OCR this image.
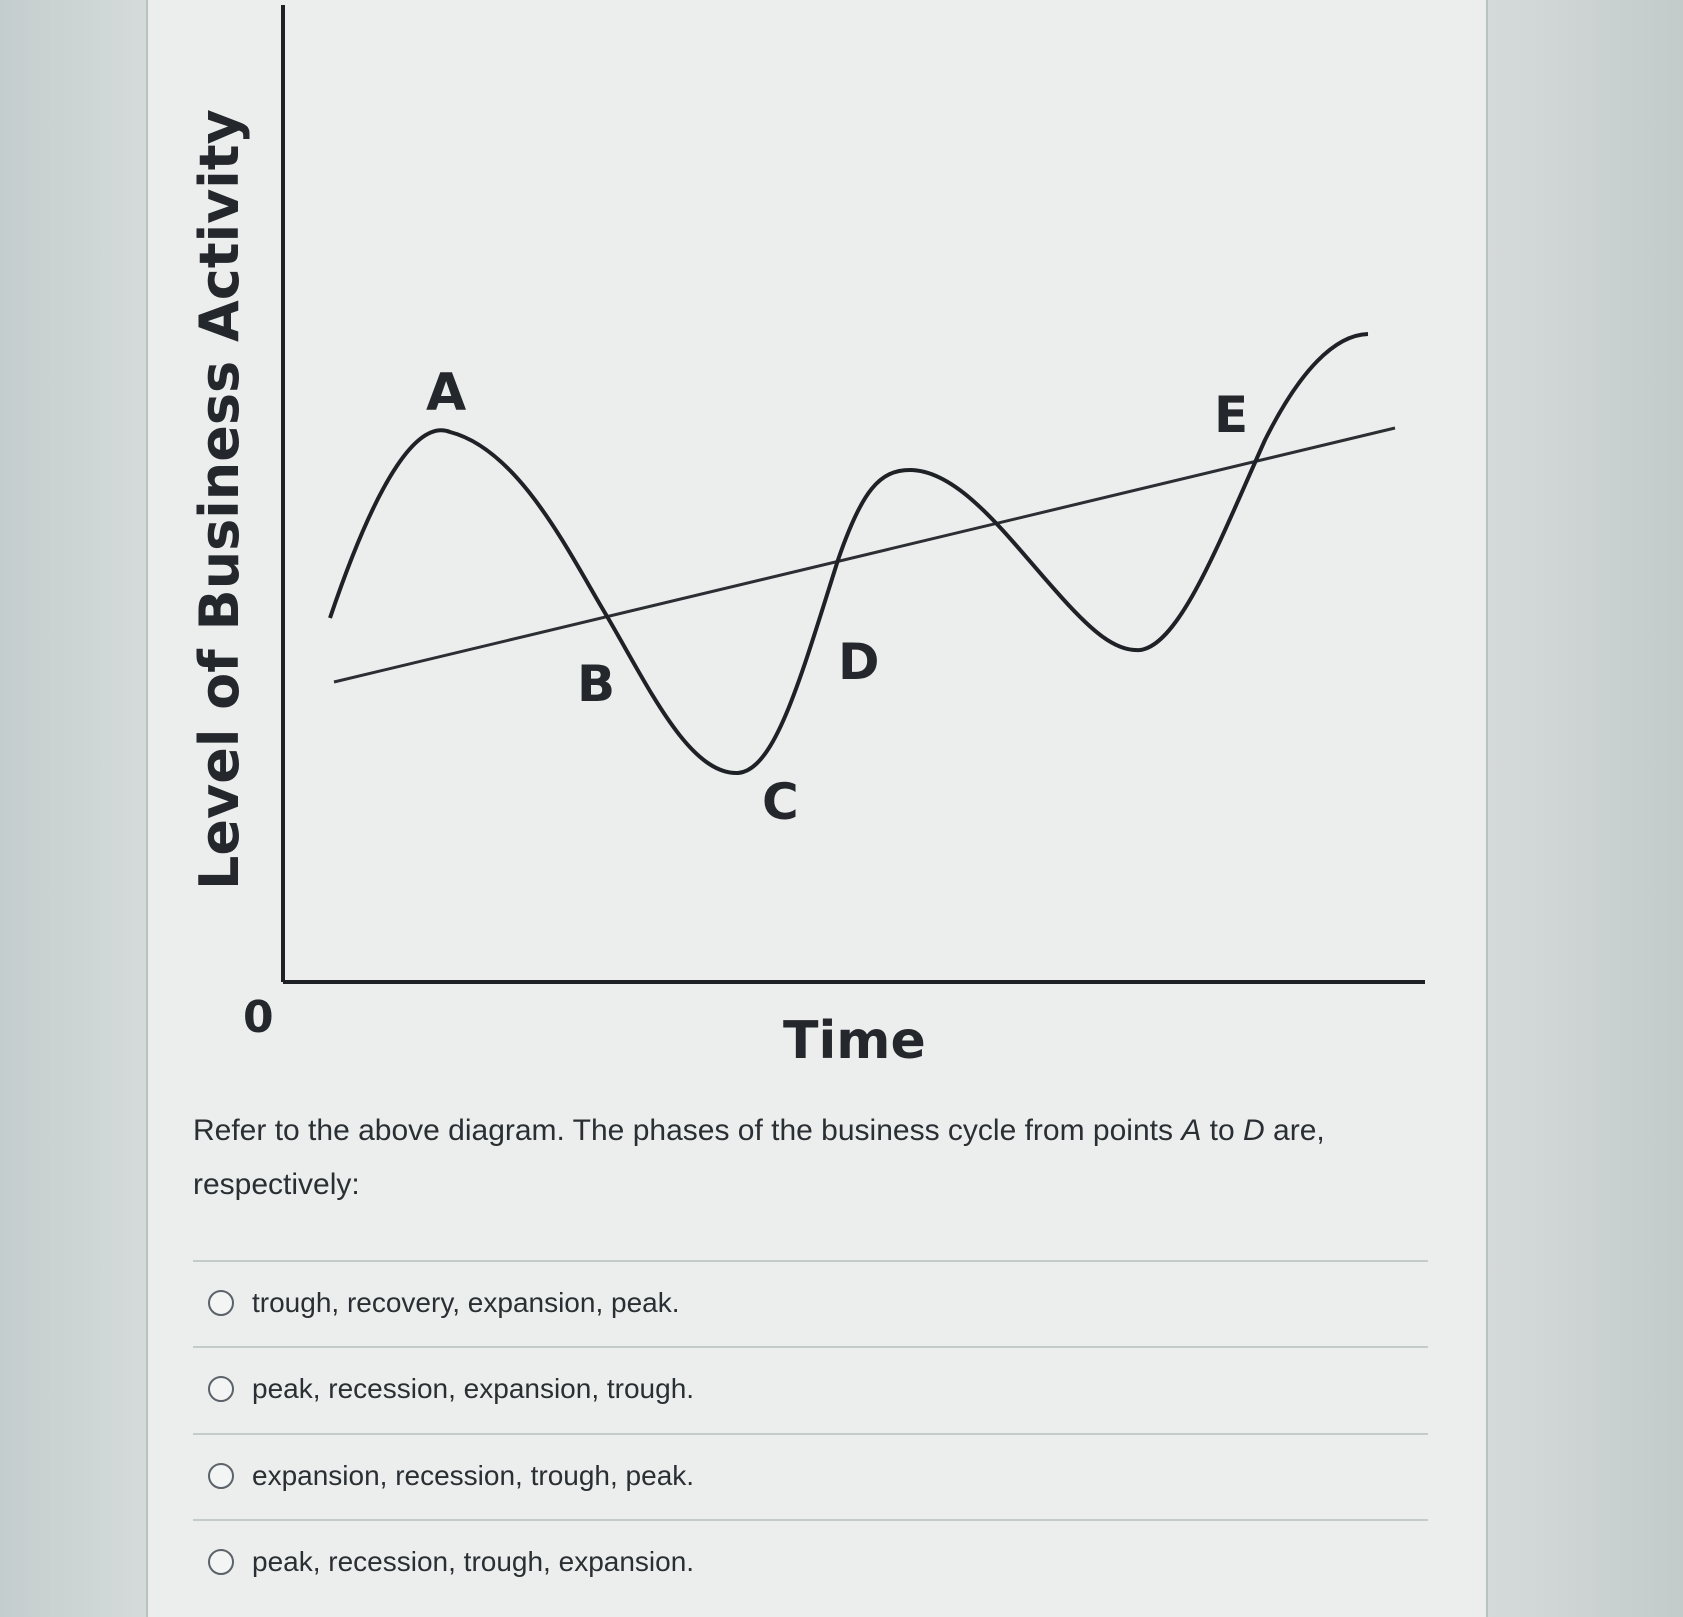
Level of Business Activity
0	Time
A
B
C
D
E
Refer to the above diagram. The phases of the business cycle from points A to D are, respectively:
trough, recovery, expansion, peak.
peak, recession, expansion, trough.
expansion, recession, trough, peak.
peak, recession, trough, expansion.
